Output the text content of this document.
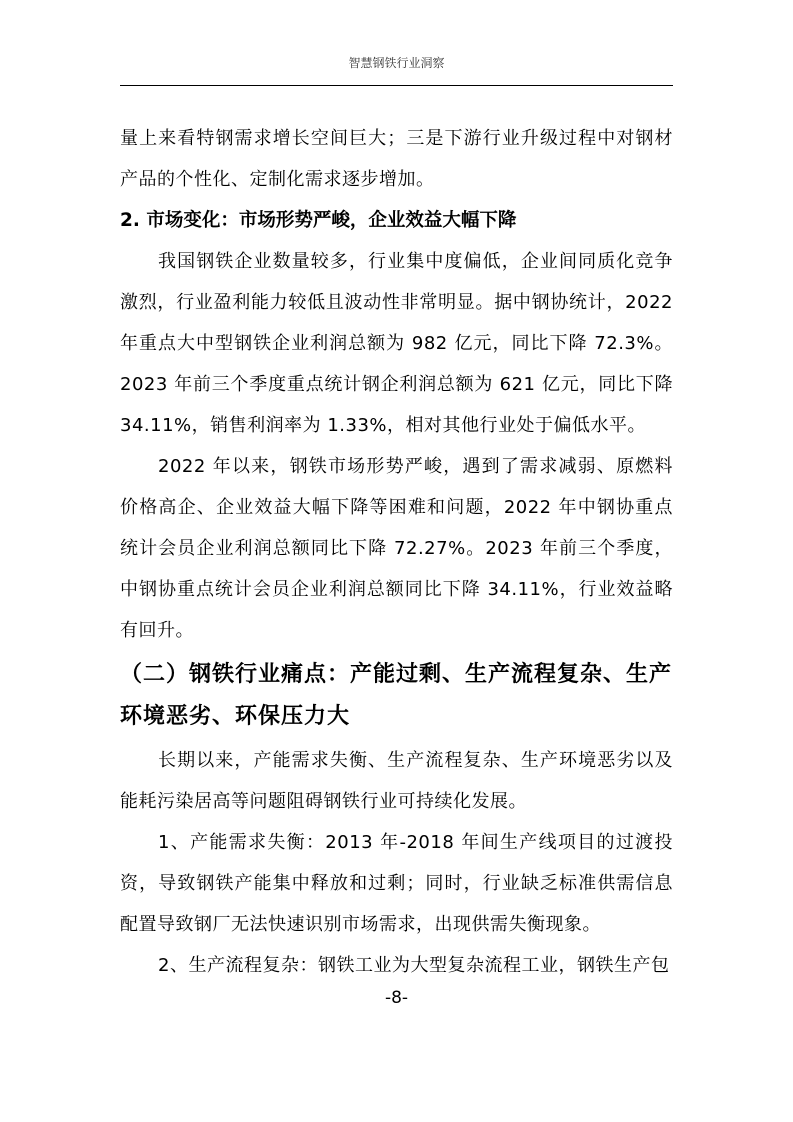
智慧钢铁行业洞察

量上来看特钢需求增长空间巨大；三是下游行业升级过程中对钢材产品的个性化、定制化需求逐步增加。

2. 市场变化：市场形势严峻，企业效益大幅下降

我国钢铁企业数量较多，行业集中度偏低，企业间同质化竞争激烈，行业盈利能力较低且波动性非常明显。据中钢协统计，2022年重点大中型钢铁企业利润总额为 982 亿元，同比下降 72.3%。2023 年前三个季度重点统计钢企利润总额为 621 亿元，同比下降 34.11%，销售利润率为 1.33%，相对其他行业处于偏低水平。

2022 年以来，钢铁市场形势严峻，遇到了需求减弱、原燃料价格高企、企业效益大幅下降等困难和问题，2022 年中钢协重点统计会员企业利润总额同比下降 72.27%。2023 年前三个季度，中钢协重点统计会员企业利润总额同比下降 34.11%，行业效益略有回升。

（二）钢铁行业痛点：产能过剩、生产流程复杂、生产环境恶劣、环保压力大

长期以来，产能需求失衡、生产流程复杂、生产环境恶劣以及能耗污染居高等问题阻碍钢铁行业可持续化发展。

1、产能需求失衡：2013 年-2018 年间生产线项目的过渡投资，导致钢铁产能集中释放和过剩；同时，行业缺乏标准供需信息配置导致钢厂无法快速识别市场需求，出现供需失衡现象。

2、生产流程复杂：钢铁工业为大型复杂流程工业，钢铁生产包

-8-
